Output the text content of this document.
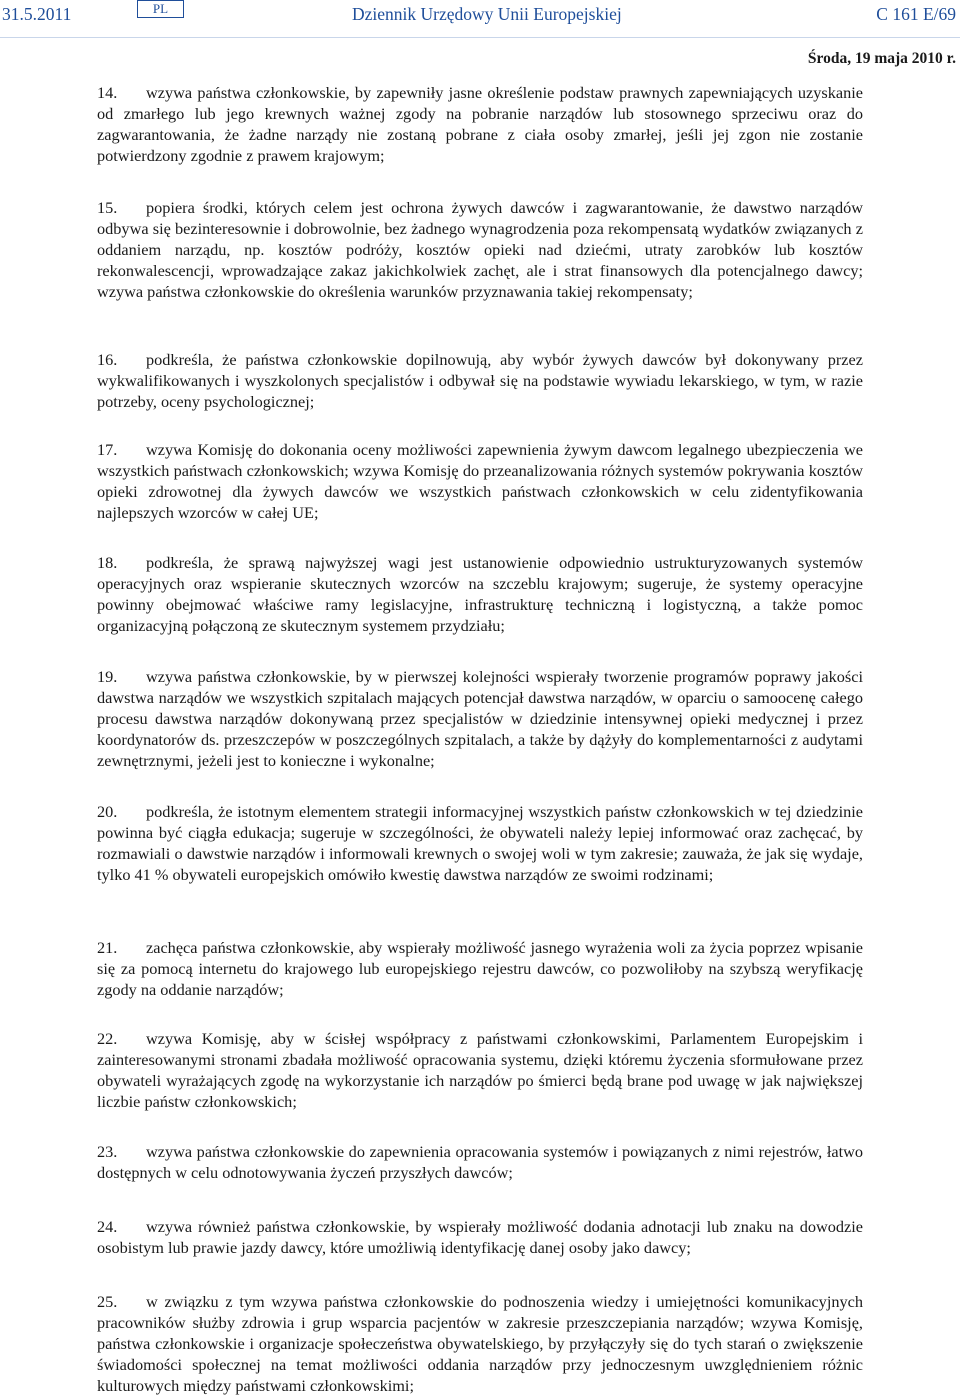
31.5.2011	PL	Dziennik Urzędowy Unii Europejskiej	C 161 E/69
Środa, 19 maja 2010 r.

14. wzywa państwa członkowskie, by zapewniły jasne określenie podstaw prawnych zapewniających uzyskanie od zmarłego lub jego krewnych ważnej zgody na pobranie narządów lub stosownego sprzeciwu oraz do zagwarantowania, że żadne narządy nie zostaną pobrane z ciała osoby zmarłej, jeśli jej zgon nie zostanie potwierdzony zgodnie z prawem krajowym;

15. popiera środki, których celem jest ochrona żywych dawców i zagwarantowanie, że dawstwo narządów odbywa się bezinteresownie i dobrowolnie, bez żadnego wynagrodzenia poza rekompensatą wydatków związanych z oddaniem narządu, np. kosztów podróży, kosztów opieki nad dziećmi, utraty zarobków lub kosztów rekonwalescencji, wprowadzające zakaz jakichkolwiek zachęt, ale i strat finansowych dla potencjalnego dawcy; wzywa państwa członkowskie do określenia warunków przyznawania takiej rekompensaty;

16. podkreśla, że państwa członkowskie dopilnowują, aby wybór żywych dawców był dokonywany przez wykwalifikowanych i wyszkolonych specjalistów i odbywał się na podstawie wywiadu lekarskiego, w tym, w razie potrzeby, oceny psychologicznej;

17. wzywa Komisję do dokonania oceny możliwości zapewnienia żywym dawcom legalnego ubezpieczenia we wszystkich państwach członkowskich; wzywa Komisję do przeanalizowania różnych systemów pokrywania kosztów opieki zdrowotnej dla żywych dawców we wszystkich państwach członkowskich w celu zidentyfikowania najlepszych wzorców w całej UE;

18. podkreśla, że sprawą najwyższej wagi jest ustanowienie odpowiednio ustrukturyzowanych systemów operacyjnych oraz wspieranie skutecznych wzorców na szczeblu krajowym; sugeruje, że systemy operacyjne powinny obejmować właściwe ramy legislacyjne, infrastrukturę techniczną i logistyczną, a także pomoc organizacyjną połączoną ze skutecznym systemem przydziału;

19. wzywa państwa członkowskie, by w pierwszej kolejności wspierały tworzenie programów poprawy jakości dawstwa narządów we wszystkich szpitalach mających potencjał dawstwa narządów, w oparciu o samoocenę całego procesu dawstwa narządów dokonywaną przez specjalistów w dziedzinie intensywnej opieki medycznej i przez koordynatorów ds. przeszczepów w poszczególnych szpitalach, a także by dążyły do komplementarności z audytami zewnętrznymi, jeżeli jest to konieczne i wykonalne;

20. podkreśla, że istotnym elementem strategii informacyjnej wszystkich państw członkowskich w tej dziedzinie powinna być ciągła edukacja; sugeruje w szczególności, że obywateli należy lepiej informować oraz zachęcać, by rozmawiali o dawstwie narządów i informowali krewnych o swojej woli w tym zakresie; zauważa, że jak się wydaje, tylko 41 % obywateli europejskich omówiło kwestię dawstwa narządów ze swoimi rodzinami;

21. zachęca państwa członkowskie, aby wspierały możliwość jasnego wyrażenia woli za życia poprzez wpisanie się za pomocą internetu do krajowego lub europejskiego rejestru dawców, co pozwoliłoby na szybszą weryfikację zgody na oddanie narządów;

22. wzywa Komisję, aby w ścisłej współpracy z państwami członkowskimi, Parlamentem Europejskim i zainteresowanymi stronami zbadała możliwość opracowania systemu, dzięki któremu życzenia sformułowane przez obywateli wyrażających zgodę na wykorzystanie ich narządów po śmierci będą brane pod uwagę w jak największej liczbie państw członkowskich;

23. wzywa państwa członkowskie do zapewnienia opracowania systemów i powiązanych z nimi rejestrów, łatwo dostępnych w celu odnotowywania życzeń przyszłych dawców;

24. wzywa również państwa członkowskie, by wspierały możliwość dodania adnotacji lub znaku na dowodzie osobistym lub prawie jazdy dawcy, które umożliwią identyfikację danej osoby jako dawcy;

25. w związku z tym wzywa państwa członkowskie do podnoszenia wiedzy i umiejętności komunikacyjnych pracowników służby zdrowia i grup wsparcia pacjentów w zakresie przeszczepiania narządów; wzywa Komisję, państwa członkowskie i organizacje społeczeństwa obywatelskiego, by przyłączyły się do tych starań o zwiększenie świadomości społecznej na temat możliwości oddania narządów przy jednoczesnym uwzględnieniem różnic kulturowych między państwami członkowskimi;
